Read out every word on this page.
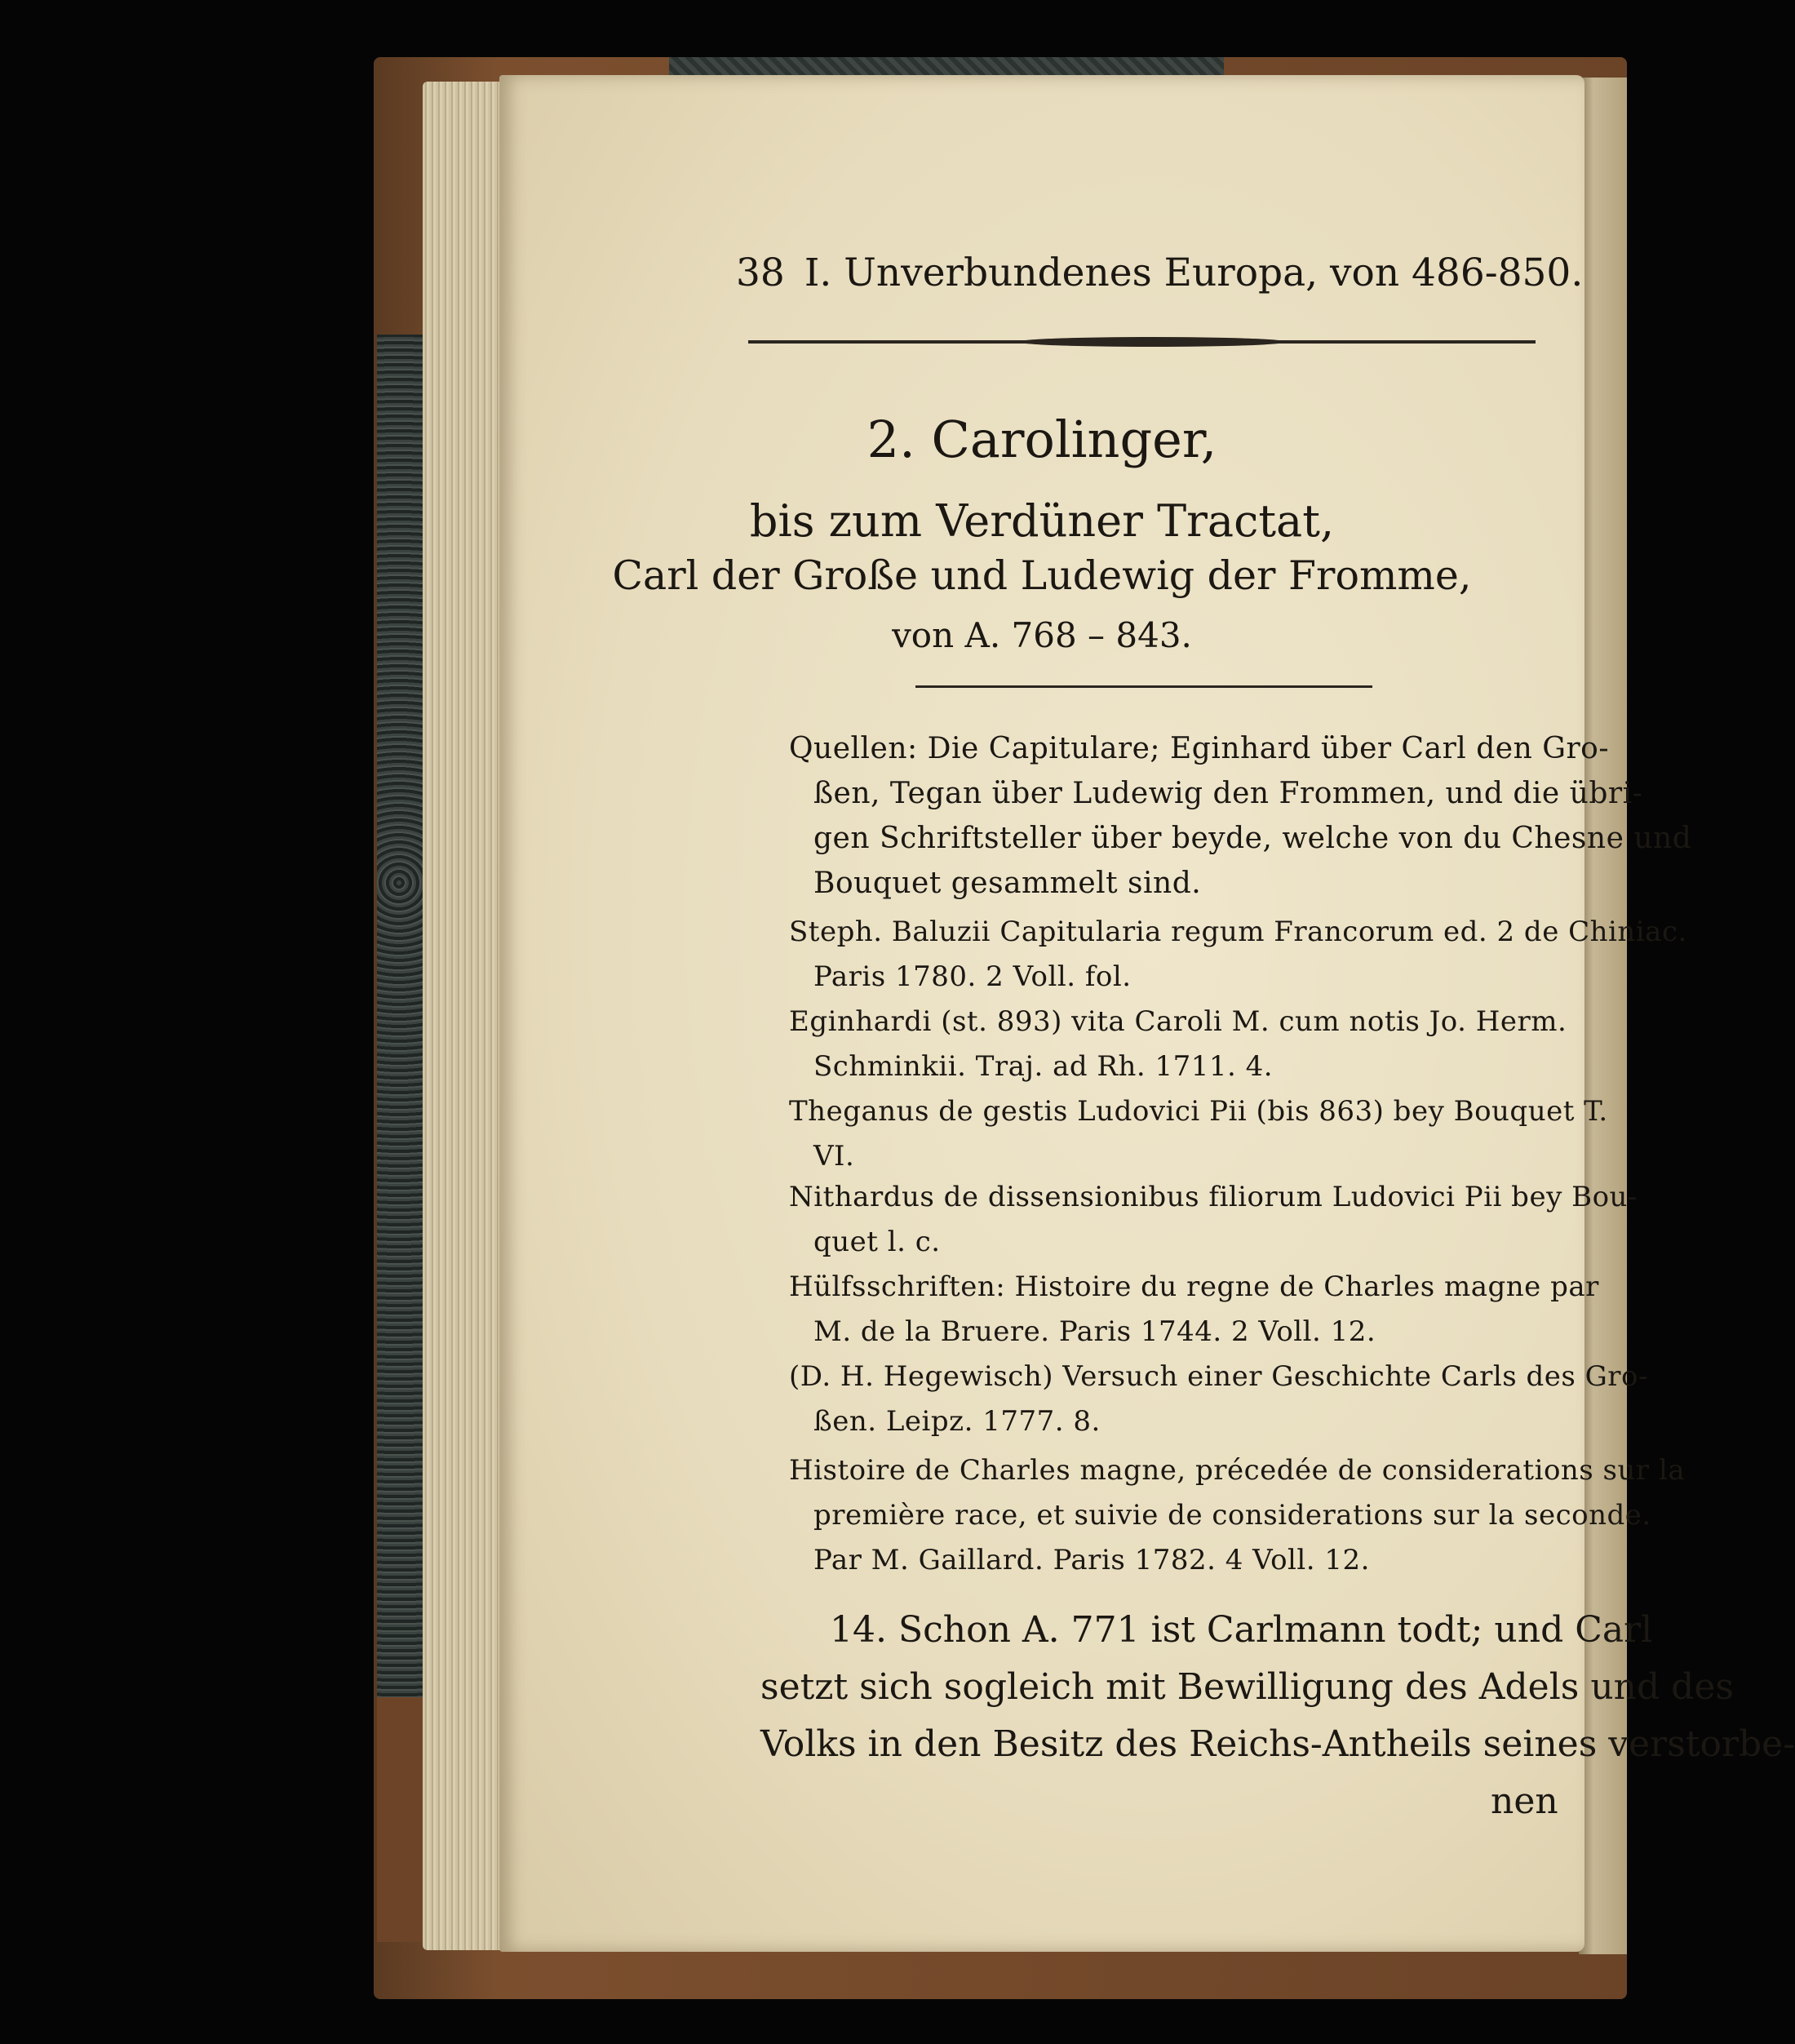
38 I. Unverbundenes Europa, von 486-850.
2. Carolinger,
bis zum Verdüner Tractat,
Carl der Große und Ludewig der Fromme,
von A. 768 – 843.
Quellen: Die Capitulare; Eginhard über Carl den Gro-
ßen, Tegan über Ludewig den Frommen, und die übri-
gen Schriftsteller über beyde, welche von du Chesne und
Bouquet gesammelt sind.
Steph. Baluzii Capitularia regum Francorum ed. 2 de Chiniac.
Paris 1780. 2 Voll. fol.
Eginhardi (st. 893) vita Caroli M. cum notis Jo. Herm.
Schminkii. Traj. ad Rh. 1711. 4.
Theganus de gestis Ludovici Pii (bis 863) bey Bouquet T.
VI.
Nithardus de dissensionibus filiorum Ludovici Pii bey Bou-
quet l. c.
Hülfsschriften: Histoire du regne de Charles magne par
M. de la Bruere. Paris 1744. 2 Voll. 12.
(D. H. Hegewisch) Versuch einer Geschichte Carls des Gro-
ßen. Leipz. 1777. 8.
Histoire de Charles magne, précedée de considerations sur la
première race, et suivie de considerations sur la seconde.
Par M. Gaillard. Paris 1782. 4 Voll. 12.
14. Schon A. 771 ist Carlmann todt; und Carl
setzt sich sogleich mit Bewilligung des Adels und des
Volks in den Besitz des Reichs-Antheils seines verstorbe-
nen
